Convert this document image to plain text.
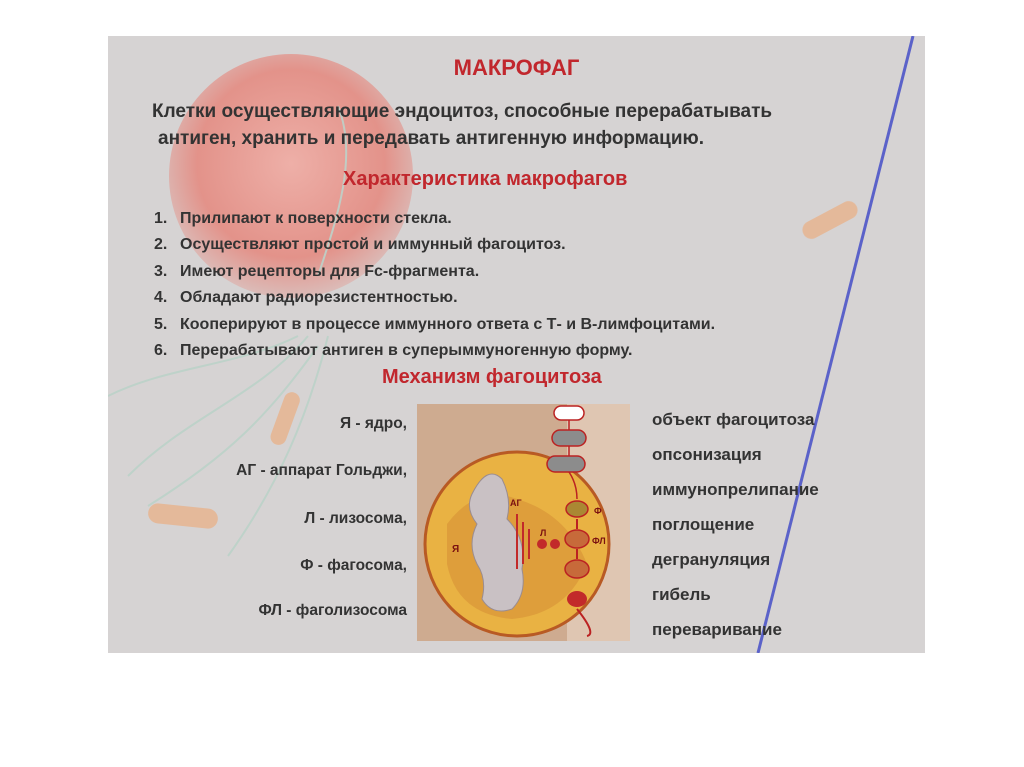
МАКРОФАГ
Клетки осуществляющие эндоцитоз, способные перерабатывать
антиген, хранить и передавать антигенную информацию.
Характеристика макрофагов
1. Прилипают к поверхности стекла.
2. Осуществляют простой и иммунный фагоцитоз.
3. Имеют рецепторы для Fc-фрагмента.
4. Обладают радиорезистентностью.
5. Кооперируют в процессе иммунного ответа с Т- и В-лимфоцитами.
6. Перерабатывают антиген в суперыммуногенную форму.
Механизм фагоцитоза
Я - ядро,
АГ - аппарат Гольджи,
Л - лизосома,
Ф - фагосома,
ФЛ - фаголизосома
Я
АГ
Л
Ф
ФЛ
объект фагоцитоза
опсонизация
иммунопрелипание
поглощение
дегрануляция
гибель
переваривание
